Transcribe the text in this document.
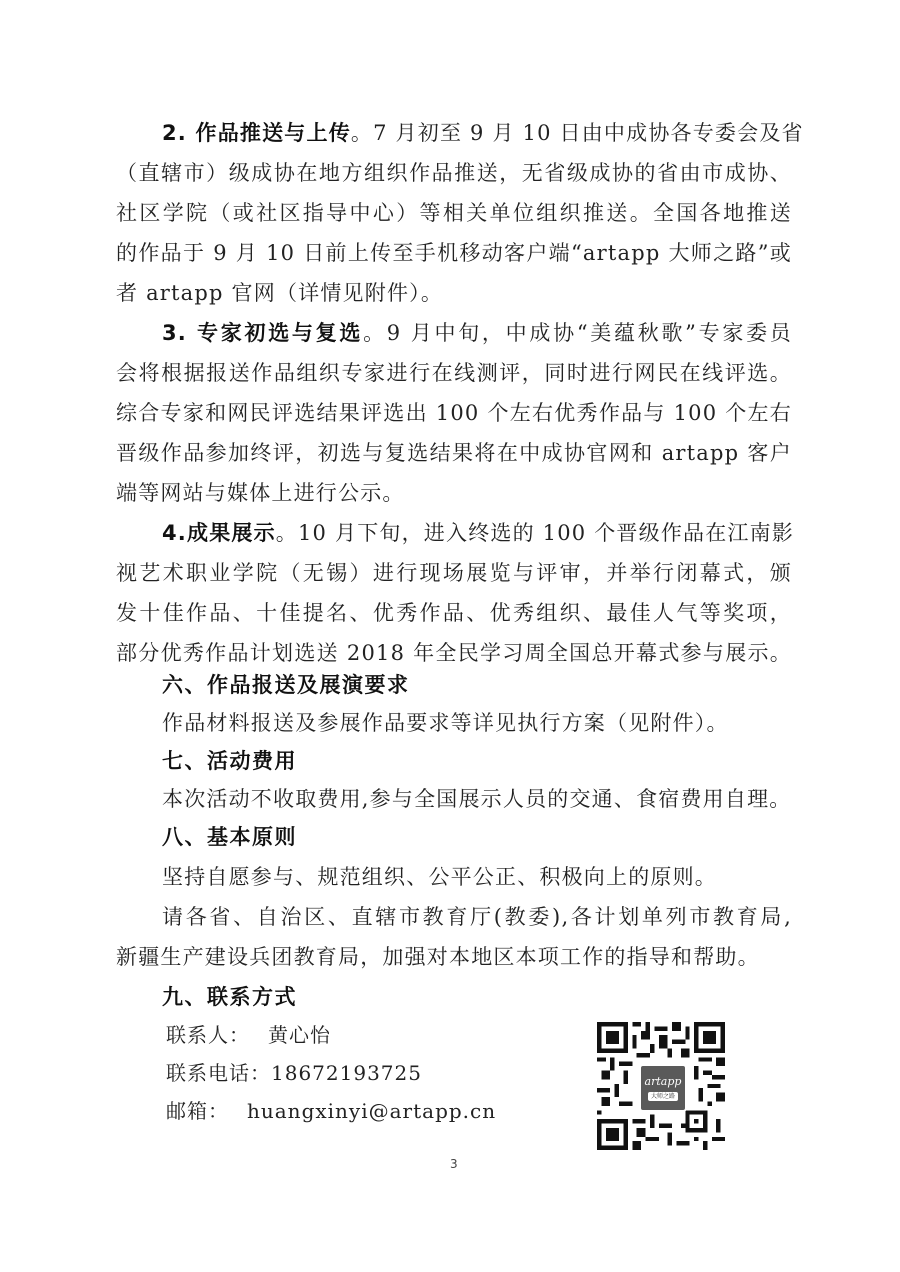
2. 作品推送与上传。7 月初至 9 月 10 日由中成协各专委会及省
（直辖市）级成协在地方组织作品推送，无省级成协的省由市成协、
社区学院（或社区指导中心）等相关单位组织推送。全国各地推送
的作品于 9 月 10 日前上传至手机移动客户端“artapp 大师之路”或
者 artapp 官网（详情见附件）。
3. 专家初选与复选。9 月中旬，中成协“美蕴秋歌”专家委员
会将根据报送作品组织专家进行在线测评，同时进行网民在线评选。
综合专家和网民评选结果评选出 100 个左右优秀作品与 100 个左右
晋级作品参加终评，初选与复选结果将在中成协官网和 artapp 客户
端等网站与媒体上进行公示。
4.成果展示。10 月下旬，进入终选的 100 个晋级作品在江南影
视艺术职业学院（无锡）进行现场展览与评审，并举行闭幕式，颁
发十佳作品、十佳提名、优秀作品、优秀组织、最佳人气等奖项，
部分优秀作品计划选送 2018 年全民学习周全国总开幕式参与展示。
六、作品报送及展演要求
作品材料报送及参展作品要求等详见执行方案（见附件）。
七、活动费用
本次活动不收取费用,参与全国展示人员的交通、食宿费用自理。
八、基本原则
坚持自愿参与、规范组织、公平公正、积极向上的原则。
请各省、自治区、直辖市教育厅(教委),各计划单列市教育局,
新疆生产建设兵团教育局，加强对本地区本项工作的指导和帮助。
九、联系方式
联系人： 黄心怡
联系电话：18672193725
邮箱： huangxinyi@artapp.cn
artapp
大师之路
3
